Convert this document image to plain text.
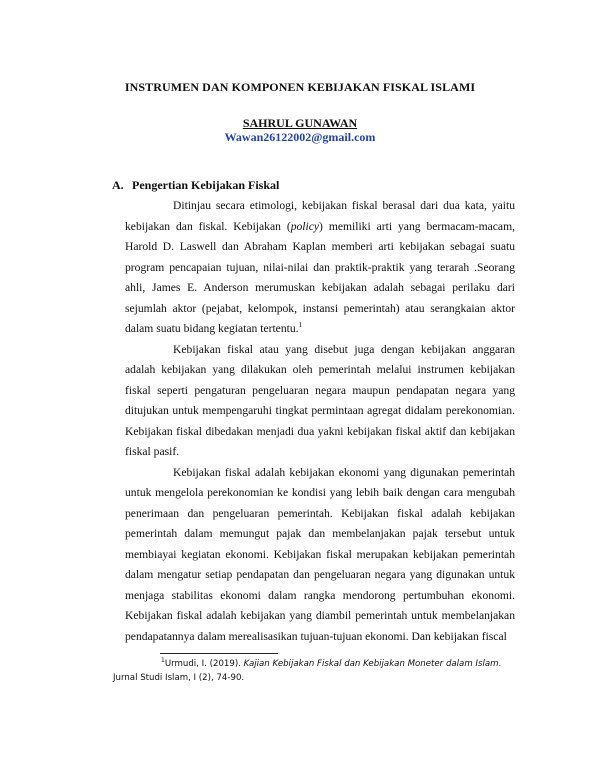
INSTRUMEN DAN KOMPONEN KEBIJAKAN FISKAL ISLAMI
SAHRUL GUNAWAN
Wawan26122002@gmail.com
A. Pengertian Kebijakan Fiskal

Ditinjau secara etimologi, kebijakan fiskal berasal dari dua kata, yaitu kebijakan dan fiskal. Kebijakan (policy) memiliki arti yang bermacam-macam, Harold D. Laswell dan Abraham Kaplan memberi arti kebijakan sebagai suatu program pencapaian tujuan, nilai-nilai dan praktik-praktik yang terarah .Seorang ahli, James E. Anderson merumuskan kebijakan adalah sebagai perilaku dari sejumlah aktor (pejabat, kelompok, instansi pemerintah) atau serangkaian aktor dalam suatu bidang kegiatan tertentu.$^1$

Kebijakan fiskal atau yang disebut juga dengan kebijakan anggaran adalah kebijakan yang dilakukan oleh pemerintah melalui instrumen kebijakan fiskal seperti pengaturan pengeluaran negara maupun pendapatan negara yang ditujukan untuk mempengaruhi tingkat permintaan agregat didalam perekonomian. Kebijakan fiskal dibedakan menjadi dua yakni kebijakan fiskal aktif dan kebijakan fiskal pasif.

Kebijakan fiskal adalah kebijakan ekonomi yang digunakan pemerintah untuk mengelola perekonomian ke kondisi yang lebih baik dengan cara mengubah penerimaan dan pengeluaran pemerintah. Kebijakan fiskal adalah kebijakan pemerintah dalam memungut pajak dan membelanjakan pajak tersebut untuk membiayai kegiatan ekonomi. Kebijakan fiskal merupakan kebijakan pemerintah dalam mengatur setiap pendapatan dan pengeluaran negara yang digunakan untuk menjaga stabilitas ekonomi dalam rangka mendorong pertumbuhan ekonomi. Kebijakan fiskal adalah kebijakan yang diambil pemerintah untuk membelanjakan pendapatannya dalam merealisasikan tujuan-tujuan ekonomi. Dan kebijakan fiscal

$^1$Urmudi, I. (2019). Kajian Kebijakan Fiskal dan Kebijakan Moneter dalam Islam. Jurnal Studi Islam, I (2), 74-90.
